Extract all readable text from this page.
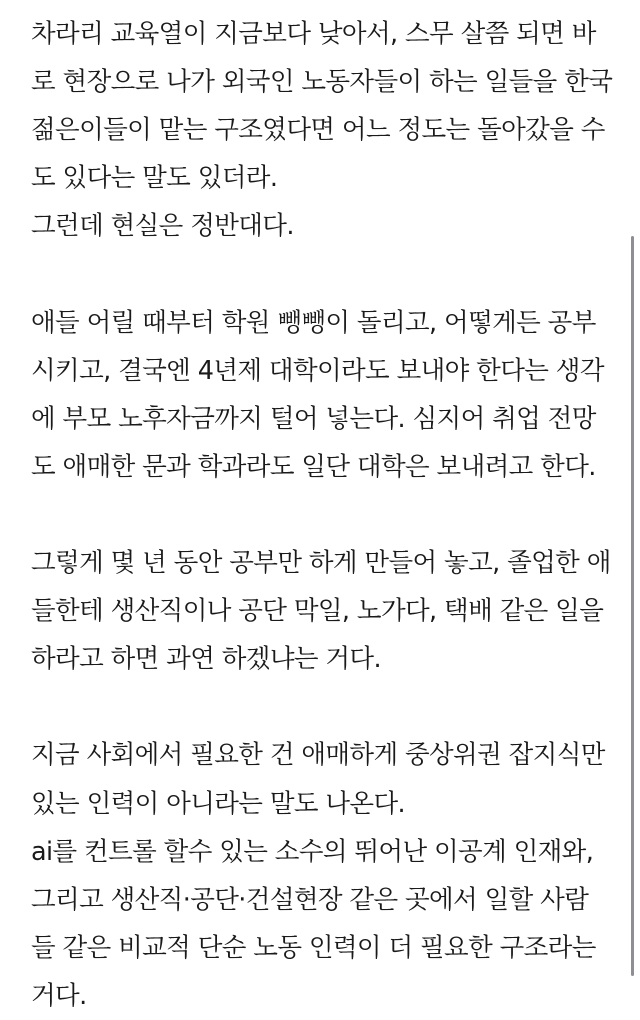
차라리 교육열이 지금보다 낮아서, 스무 살쯤 되면 바
로 현장으로 나가 외국인 노동자들이 하는 일들을 한국
젊은이들이 맡는 구조였다면 어느 정도는 돌아갔을 수
도 있다는 말도 있더라.
그런데 현실은 정반대다.
애들 어릴 때부터 학원 뺑뺑이 돌리고, 어떻게든 공부
시키고, 결국엔 4년제 대학이라도 보내야 한다는 생각
에 부모 노후자금까지 털어 넣는다. 심지어 취업 전망
도 애매한 문과 학과라도 일단 대학은 보내려고 한다.
그렇게 몇 년 동안 공부만 하게 만들어 놓고, 졸업한 애
들한테 생산직이나 공단 막일, 노가다, 택배 같은 일을
하라고 하면 과연 하겠냐는 거다.
지금 사회에서 필요한 건 애매하게 중상위권 잡지식만
있는 인력이 아니라는 말도 나온다.
ai를 컨트롤 할수 있는 소수의 뛰어난 이공계 인재와,
그리고 생산직·공단·건설현장 같은 곳에서 일할 사람
들 같은 비교적 단순 노동 인력이 더 필요한 구조라는
거다.
